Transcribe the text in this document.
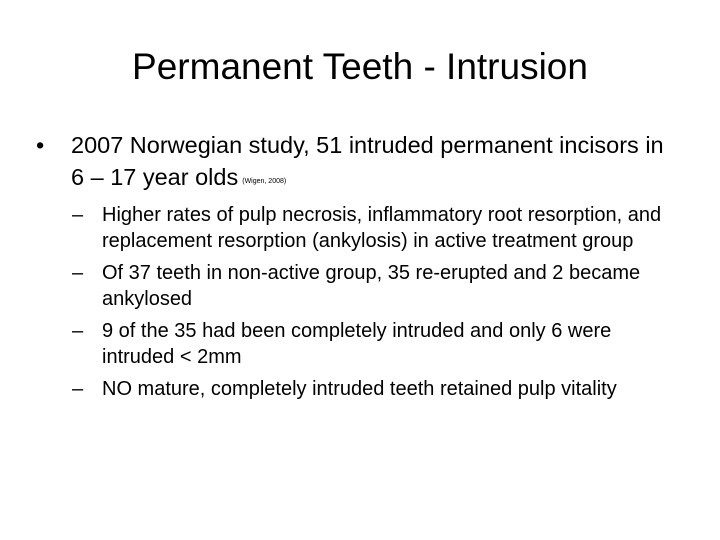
Permanent Teeth - Intrusion
• 2007 Norwegian study, 51 intruded permanent incisors in 6 – 17 year olds (Wigen, 2008)
– Higher rates of pulp necrosis, inflammatory root resorption, and replacement resorption (ankylosis) in active treatment group
– Of 37 teeth in non-active group, 35 re-erupted and 2 became ankylosed
– 9 of the 35 had been completely intruded and only 6 were intruded < 2mm
– NO mature, completely intruded teeth retained pulp vitality
